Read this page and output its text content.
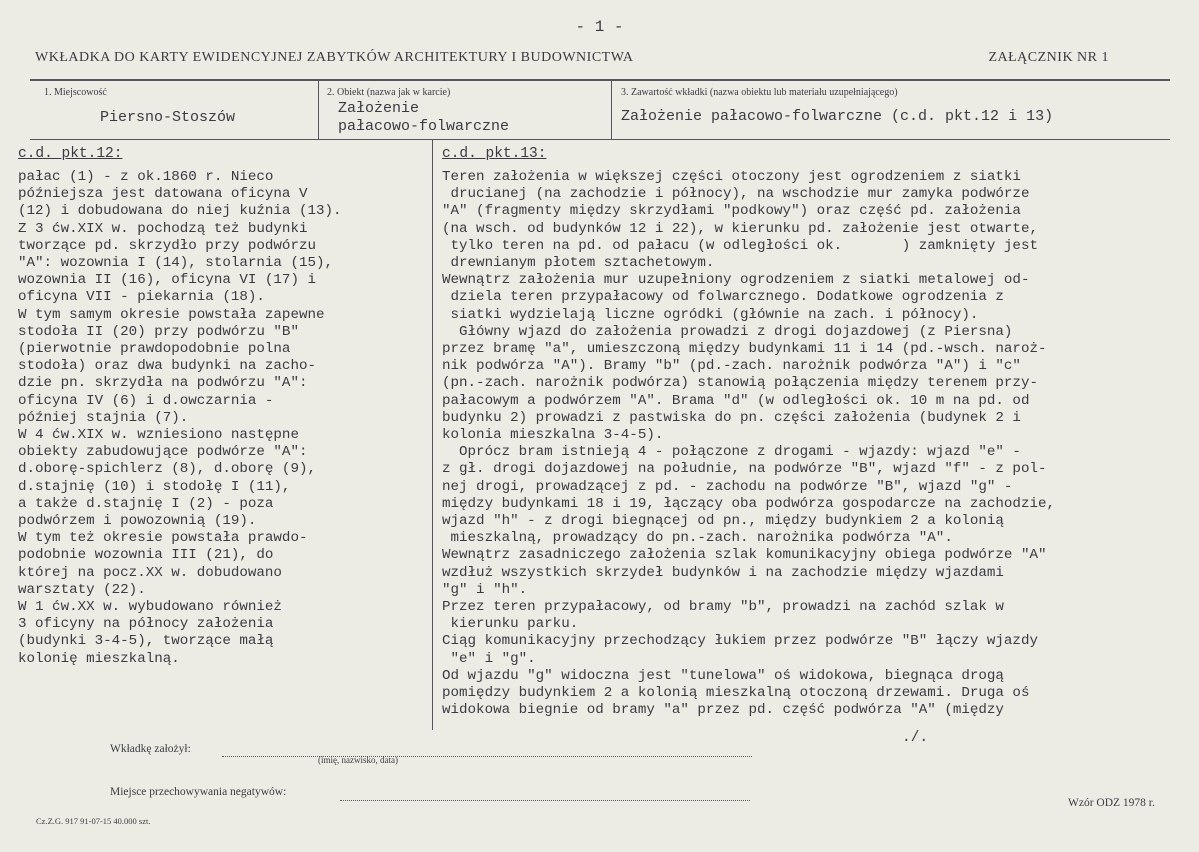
- 1 -
WKŁADKA DO KARTY EWIDENCYJNEJ ZABYTKÓW ARCHITEKTURY I BUDOWNICTWA	ZAŁĄCZNIK NR 1
1. Miejscowość
Piersno-Stoszów
2. Obiekt (nazwa jak w karcie)
Założenie
pałacowo-folwarczne
3. Zawartość wkładki (nazwa obiektu lub materiału uzupełniającego)
Założenie pałacowo-folwarczne (c.d. pkt.12 i 13)
c.d. pkt.12:
pałac (1) - z ok.1860 r. Nieco
późniejsza jest datowana oficyna V
(12) i dobudowana do niej kuźnia (13).
Z 3 ćw.XIX w. pochodzą też budynki
tworzące pd. skrzydło przy podwórzu
"A": wozownia I (14), stolarnia (15),
wozownia II (16), oficyna VI (17) i
oficyna VII - piekarnia (18).
W tym samym okresie powstała zapewne
stodoła II (20) przy podwórzu "B"
(pierwotnie prawdopodobnie polna
stodoła) oraz dwa budynki na zacho-
dzie pn. skrzydła na podwórzu "A":
oficyna IV (6) i d.owczarnia -
później stajnia (7).
W 4 ćw.XIX w. wzniesiono następne
obiekty zabudowujące podwórze "A":
d.oborę-spichlerz (8), d.oborę (9),
d.stajnię (10) i stodołę I (11),
a także d.stajnię I (2) - poza
podwórzem i powozownią (19).
W tym też okresie powstała prawdo-
podobnie wozownia III (21), do
której na pocz.XX w. dobudowano
warsztaty (22).
W 1 ćw.XX w. wybudowano również
3 oficyny na północy założenia
(budynki 3-4-5), tworzące małą
kolonię mieszkalną.
c.d. pkt.13:
Teren założenia w większej części otoczony jest ogrodzeniem z siatki
drucianej (na zachodzie i północy), na wschodzie mur zamyka podwórze
"A" (fragmenty między skrzydłami "podkowy") oraz część pd. założenia
(na wsch. od budynków 12 i 22), w kierunku pd. założenie jest otwarte,
tylko teren na pd. od pałacu (w odległości ok.       ) zamknięty jest
drewnianym płotem sztachetowym.
Wewnątrz założenia mur uzupełniony ogrodzeniem z siatki metalowej od-
dziela teren przypałacowy od folwarcznego. Dodatkowe ogrodzenia z
siatki wydzielają liczne ogródki (głównie na zach. i północy).
Główny wjazd do założenia prowadzi z drogi dojazdowej (z Piersna)
przez bramę "a", umieszczoną między budynkami 11 i 14 (pd.-wsch. naroż-
nik podwórza "A"). Bramy "b" (pd.-zach. narożnik podwórza "A") i "c"
(pn.-zach. narożnik podwórza) stanowią połączenia między terenem przy-
pałacowym a podwórzem "A". Brama "d" (w odległości ok. 10 m na pd. od
budynku 2) prowadzi z pastwiska do pn. części założenia (budynek 2 i
kolonia mieszkalna 3-4-5).
Oprócz bram istnieją 4 - połączone z drogami - wjazdy: wjazd "e" -
z gł. drogi dojazdowej na południe, na podwórze "B", wjazd "f" - z pol-
nej drogi, prowadzącej z pd. - zachodu na podwórze "B", wjazd "g" -
między budynkami 18 i 19, łączący oba podwórza gospodarcze na zachodzie,
wjazd "h" - z drogi biegnącej od pn., między budynkiem 2 a kolonią
mieszkalną, prowadzący do pn.-zach. narożnika podwórza "A".
Wewnątrz zasadniczego założenia szlak komunikacyjny obiega podwórze "A"
wzdłuż wszystkich skrzydeł budynków i na zachodzie między wjazdami
"g" i "h".
Przez teren przypałacowy, od bramy "b", prowadzi na zachód szlak w
kierunku parku.
Ciąg komunikacyjny przechodzący łukiem przez podwórze "B" łączy wjazdy
"e" i "g".
Od wjazdu "g" widoczna jest "tunelowa" oś widokowa, biegnąca drogą
pomiędzy budynkiem 2 a kolonią mieszkalną otoczoną drzewami. Druga oś
widokowa biegnie od bramy "a" przez pd. część podwórza "A" (między
./.
Wkładkę założył:
(imię, nazwisko, data)
Miejsce przechowywania negatywów:
Cz.Z.G. 917 91-07-15 40.000 szt.
Wzór ODZ 1978 r.
